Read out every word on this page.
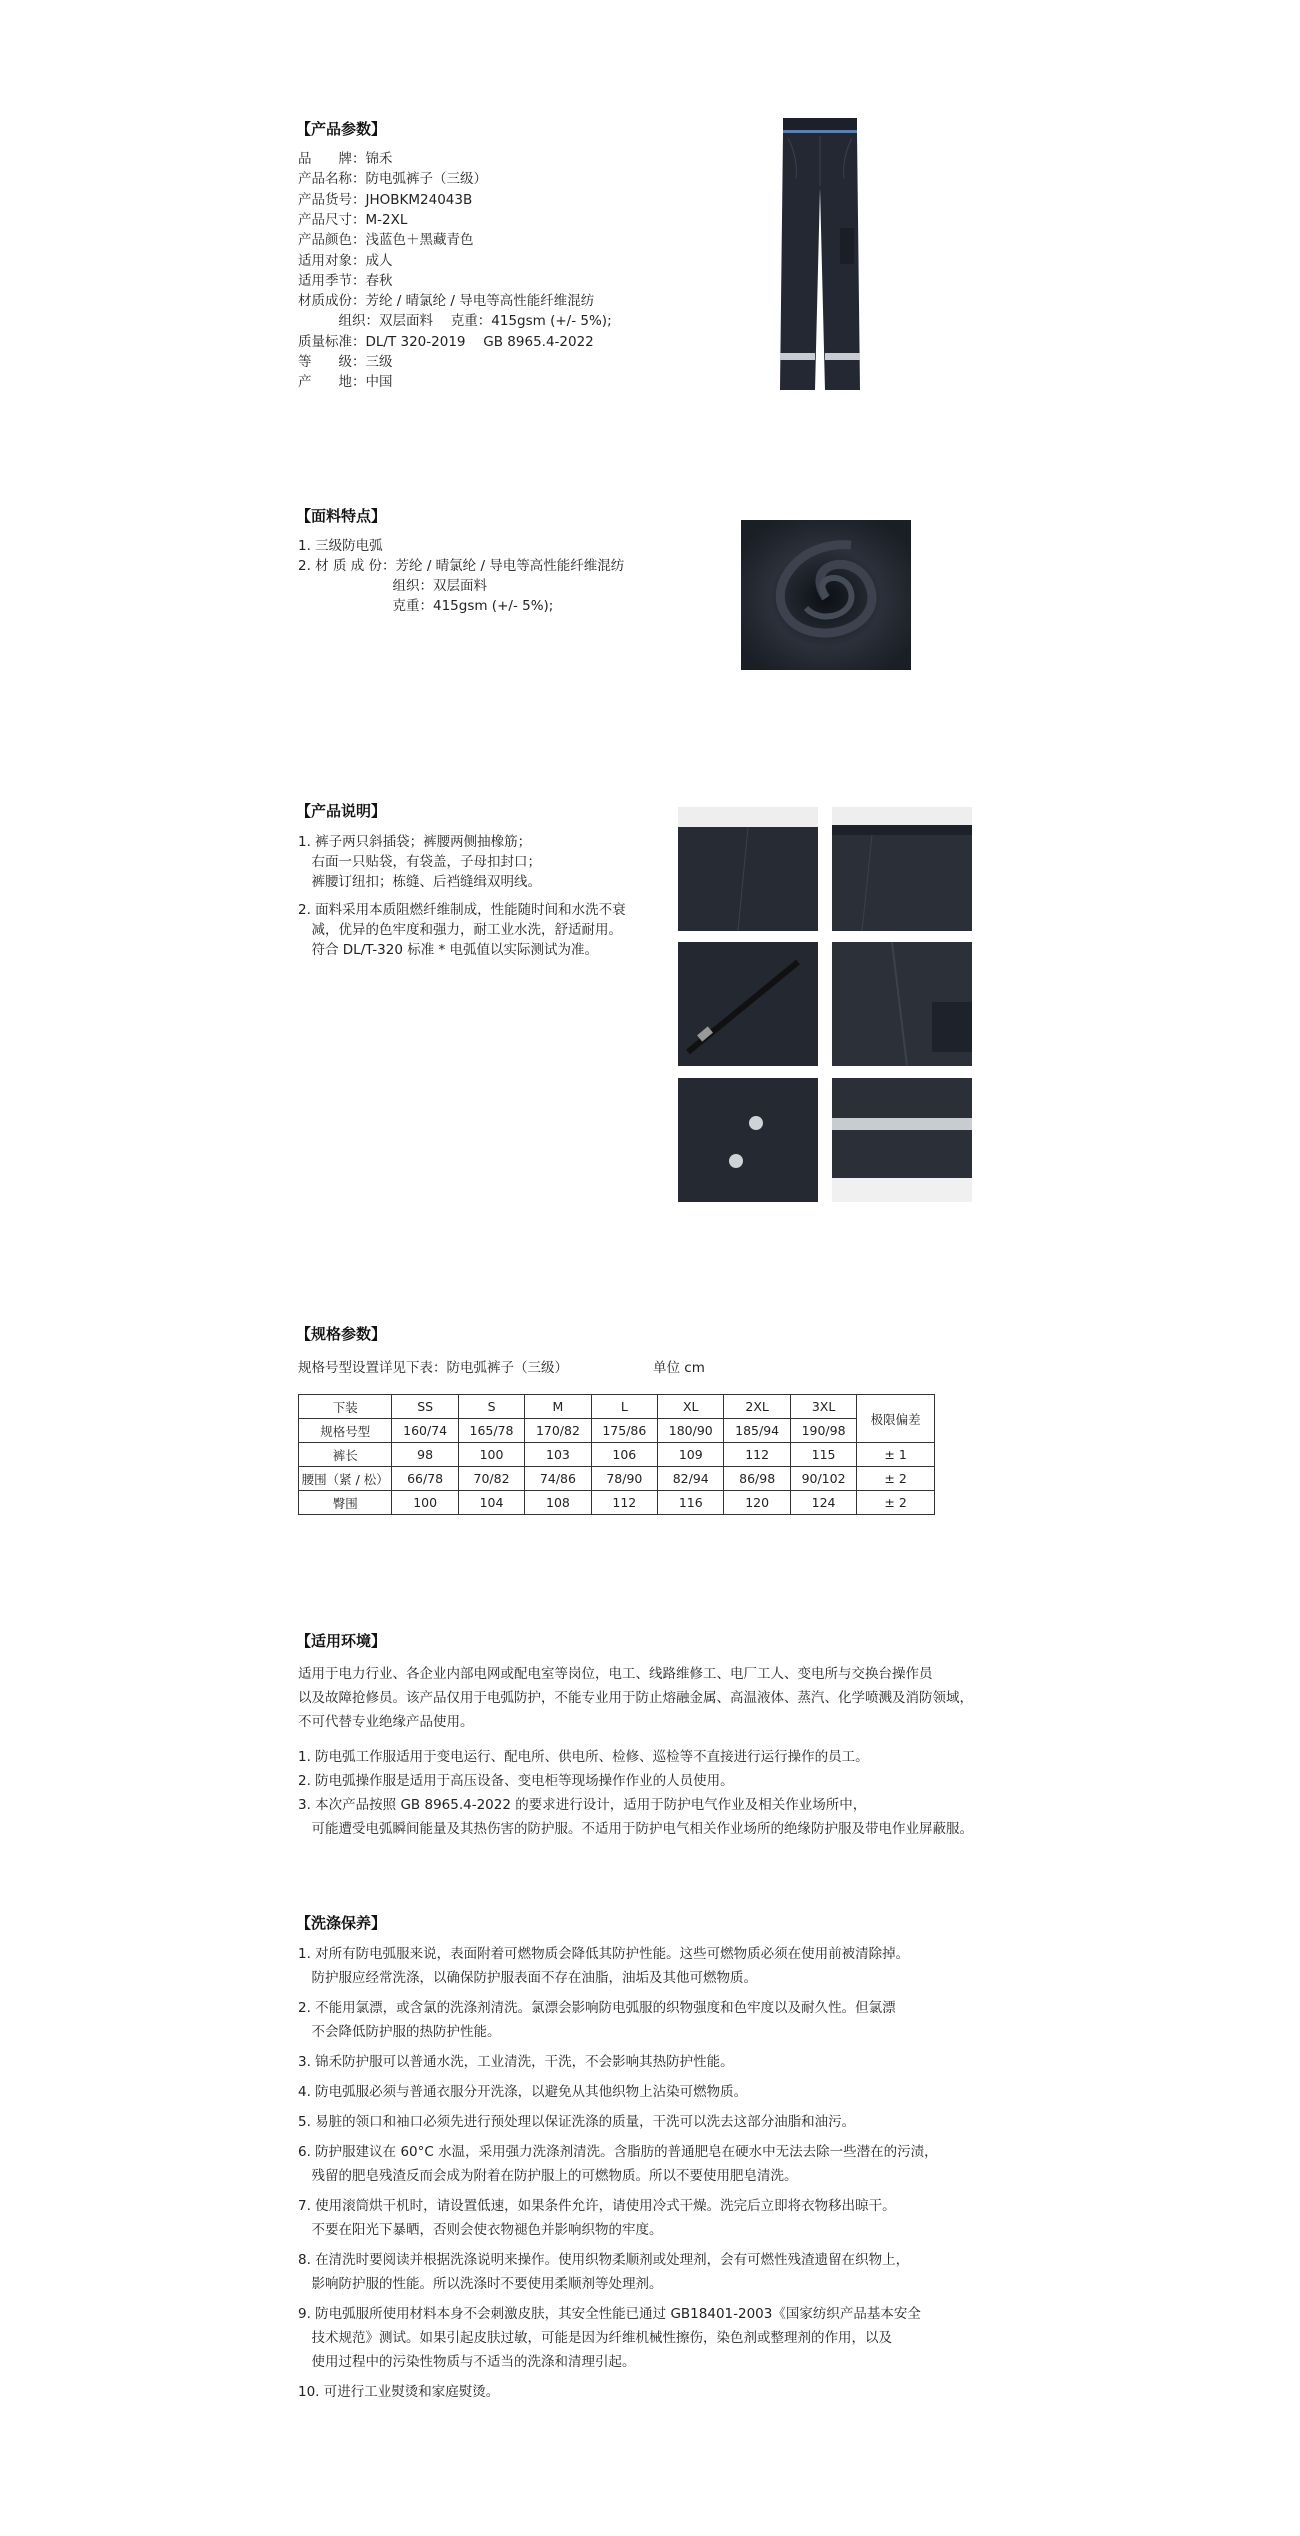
【产品参数】
品　　牌：锦禾
产品名称：防电弧裤子（三级）
产品货号：JHOBKM24043B
产品尺寸：M-2XL
产品颜色：浅蓝色＋黑藏青色
适用对象：成人
适用季节：春秋
材质成份：芳纶 / 晴氯纶 / 导电等高性能纤维混纺
　　　组织：双层面料　 克重：415gsm (+/- 5%);
质量标准：DL/T 320-2019　 GB 8965.4-2022
等　　级：三级
产　　地：中国
【面料特点】
1. 三级防电弧
2. 材 质 成 份：芳纶 / 晴氯纶 / 导电等高性能纤维混纺
　　　　　　　组织：双层面料
　　　　　　　克重：415gsm (+/- 5%);
【产品说明】
1. 裤子两只斜插袋；裤腰两侧抽橡筋；
　右面一只贴袋，有袋盖，子母扣封口；
　裤腰订纽扣；栋缝、后裆缝缉双明线。
2. 面料采用本质阻燃纤维制成，性能随时间和水洗不衰
　减，优异的色牢度和强力，耐工业水洗，舒适耐用。
　符合 DL/T-320 标准 * 电弧值以实际测试为准。
【规格参数】
规格号型设置详见下表：防电弧裤子（三级）	单位 cm
下装	SS	S	M	L	XL	2XL	3XL	极限偏差
规格号型	160/74	165/78	170/82	175/86	180/90	185/94	190/98	
裤长	98	100	103	106	109	112	115	± 1
腰围（紧 / 松）	66/78	70/82	74/86	78/90	82/94	86/98	90/102	± 2
臀围	100	104	108	112	116	120	124	± 2
【适用环境】
适用于电力行业、各企业内部电网或配电室等岗位，电工、线路维修工、电厂工人、变电所与交换台操作员
以及故障抢修员。该产品仅用于电弧防护，不能专业用于防止熔融金属、高温液体、蒸汽、化学喷溅及消防领域，
不可代替专业绝缘产品使用。
1. 防电弧工作服适用于变电运行、配电所、供电所、检修、巡检等不直接进行运行操作的员工。
2. 防电弧操作服是适用于高压设备、变电柜等现场操作作业的人员使用。
3. 本次产品按照 GB 8965.4-2022 的要求进行设计，适用于防护电气作业及相关作业场所中，
　可能遭受电弧瞬间能量及其热伤害的防护服。不适用于防护电气相关作业场所的绝缘防护服及带电作业屏蔽服。
【洗涤保养】
1. 对所有防电弧服来说，表面附着可燃物质会降低其防护性能。这些可燃物质必须在使用前被清除掉。
　防护服应经常洗涤，以确保防护服表面不存在油脂，油垢及其他可燃物质。
2. 不能用氯漂，或含氯的洗涤剂清洗。氯漂会影响防电弧服的织物强度和色牢度以及耐久性。但氯漂
　不会降低防护服的热防护性能。
3. 锦禾防护服可以普通水洗，工业清洗，干洗，不会影响其热防护性能。
4. 防电弧服必须与普通衣服分开洗涤，以避免从其他织物上沾染可燃物质。
5. 易脏的领口和袖口必须先进行预处理以保证洗涤的质量，干洗可以洗去这部分油脂和油污。
6. 防护服建议在 60°C 水温，采用强力洗涤剂清洗。含脂肪的普通肥皂在硬水中无法去除一些潜在的污渍，
　残留的肥皂残渣反而会成为附着在防护服上的可燃物质。所以不要使用肥皂清洗。
7. 使用滚筒烘干机时，请设置低速，如果条件允许，请使用冷式干燥。洗完后立即将衣物移出晾干。
　不要在阳光下暴晒，否则会使衣物褪色并影响织物的牢度。
8. 在清洗时要阅读并根据洗涤说明来操作。使用织物柔顺剂或处理剂，会有可燃性残渣遗留在织物上，
　影响防护服的性能。所以洗涤时不要使用柔顺剂等处理剂。
9. 防电弧服所使用材料本身不会刺激皮肤，其安全性能已通过 GB18401-2003《国家纺织产品基本安全
　技术规范》测试。如果引起皮肤过敏，可能是因为纤维机械性擦伤，染色剂或整理剂的作用，以及
　使用过程中的污染性物质与不适当的洗涤和清理引起。
10. 可进行工业熨烫和家庭熨烫。
